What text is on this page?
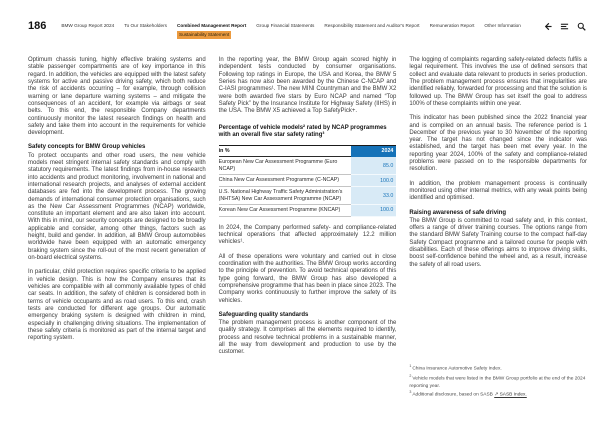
186	BMW Group Report 2024 To Our Stakeholders Combined Management Report
Sustainability Statement
Group Financial Statements Responsibility Statement and Auditor's Report Remuneration Report Other Information

Optimum chassis tuning, highly effective braking systems and stable passenger compartments are of key importance in this regard. In addition, the vehicles are equipped with the latest safety systems for active and passive driving safety, which both reduce the risk of accidents occurring – for example, through collision warning or lane departure warning systems – and mitigate the consequences of an accident, for example via airbags or seat belts. To this end, the responsible Company departments continuously monitor the latest research findings on health and safety and take them into account in the requirements for vehicle development.

Safety concepts for BMW Group vehicles

To protect occupants and other road users, the new vehicle models meet stringent internal safety standards and comply with statutory requirements. The latest findings from in-house research into accidents and product monitoring, involvement in national and international research projects, and analyses of external accident databases are fed into the development process. The growing demands of international consumer protection organisations, such as the New Car Assessment Programmes (NCAP) worldwide, constitute an important element and are also taken into account. With this in mind, our security concepts are designed to be broadly applicable and consider, among other things, factors such as height, build and gender. In addition, all BMW Group automobiles worldwide have been equipped with an automatic emergency braking system since the roll-out of the most recent generation of on-board electrical systems.

In particular, child protection requires specific criteria to be applied in vehicle design. This is how the Company ensures that its vehicles are compatible with all commonly available types of child car seats. In addition, the safety of children is considered both in terms of vehicle occupants and as road users. To this end, crash tests are conducted for different age groups. Our automatic emergency braking system is designed with children in mind, especially in challenging driving situations. The implementation of these safety criteria is monitored as part of the internal target and reporting system.

In the reporting year, the BMW Group again scored highly in independent tests conducted by consumer organisations. Following top ratings in Europe, the USA and Korea, the BMW 5 Series has now also been awarded by the Chinese C-NCAP and C-IASI programmes¹. The new MINI Countryman and the BMW X2 were both awarded five stars by Euro NCAP and named “Top Safety Pick” by the Insurance Institute for Highway Safety (IIHS) in the USA. The BMW X5 achieved a Top SafetyPick+.

Percentage of vehicle models² rated by NCAP programmes with an overall five star safety rating³
in %	2024
European New Car Assessment Programme (Euro NCAP)	85.0
China New Car Assessment Programme (C-NCAP)	100.0
U.S. National Highway Traffic Safety Administration's (NHTSA) New Car Assessment Programme (NCAP)	33.0
Korean New Car Assessment Programme (KNCAP)	100.0

In 2024, the Company performed safety- and compliance-related technical operations that affected approximately 12.2 million vehicles¹.

All of these operations were voluntary and carried out in close coordination with the authorities. The BMW Group works according to the principle of prevention. To avoid technical operations of this type going forward, the BMW Group has also developed a comprehensive programme that has been in place since 2023. The Company works continuously to further improve the safety of its vehicles.

Safeguarding quality standards

The problem management process is another component of the quality strategy. It comprises all the elements required to identify, process and resolve technical problems in a sustainable manner, all the way from development and production to use by the customer.

The logging of complaints regarding safety-related defects fulfils a legal requirement. This involves the use of defined sensors that collect and evaluate data relevant to products in series production. The problem management process ensures that irregularities are identified reliably, forwarded for processing and that the solution is followed up. The BMW Group has set itself the goal to address 100% of these complaints within one year.

This indicator has been published since the 2022 financial year and is compiled on an annual basis. The reference period is 1 December of the previous year to 30 November of the reporting year. The target has not changed since the indicator was established, and the target has been met every year. In the reporting year 2024, 100% of the safety and compliance-related problems were passed on to the responsible departments for resolution.

In addition, the problem management process is continually monitored using other internal metrics, with any weak points being identified and optimised.

Raising awareness of safe driving

The BMW Group is committed to road safety and, in this context, offers a range of driver training courses. The options range from the standard BMW Safety Training course to the compact half-day Safety Compact programme and a tailored course for people with disabilities. Each of these offerings aims to improve driving skills, boost self-confidence behind the wheel and, as a result, increase the safety of all road users.

$^1$China Insurance Automotive Safety Index.
$^2$Vehicle models that were listed in the BMW Group portfolio at the end of the 2024 reporting year.
$^3$Additional disclosure, based on SASB ↗ SASB Index.
